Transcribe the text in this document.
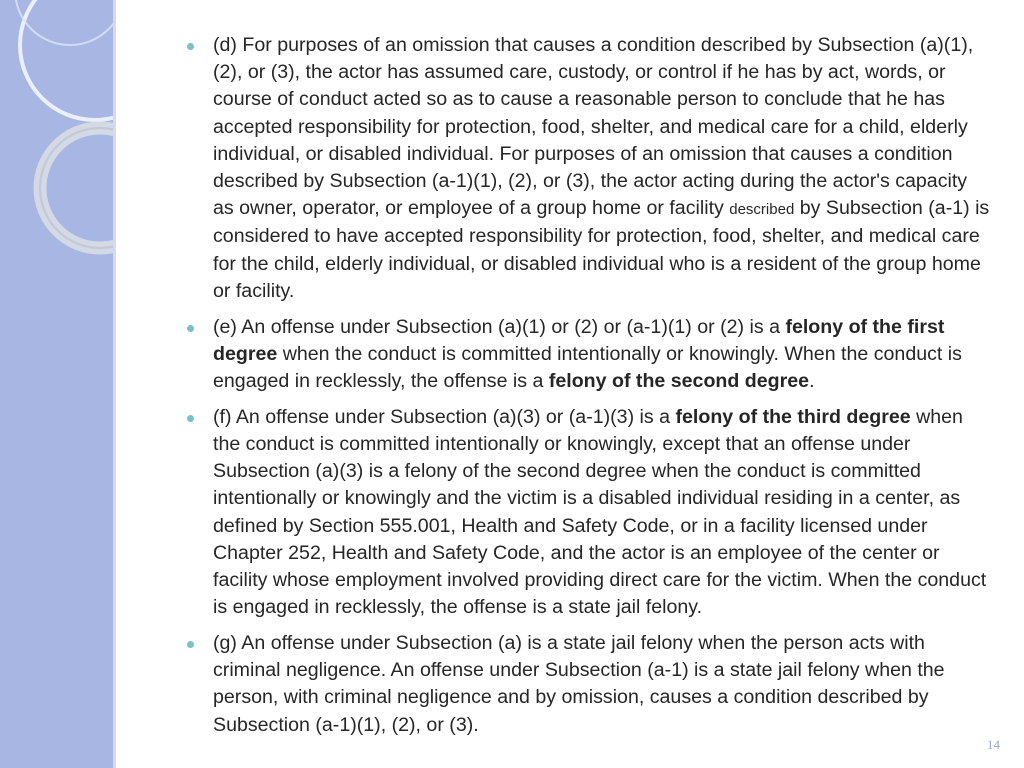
(d) For purposes of an omission that causes a condition described by Subsection (a)(1), (2), or (3), the actor has assumed care, custody, or control if he has by act, words, or course of conduct acted so as to cause a reasonable person to conclude that he has accepted responsibility for protection, food, shelter, and medical care for a child, elderly individual, or disabled individual. For purposes of an omission that causes a condition described by Subsection (a-1)(1), (2), or (3), the actor acting during the actor's capacity as owner, operator, or employee of a group home or facility described by Subsection (a-1) is considered to have accepted responsibility for protection, food, shelter, and medical care for the child, elderly individual, or disabled individual who is a resident of the group home or facility.
(e) An offense under Subsection (a)(1) or (2) or (a-1)(1) or (2) is a felony of the first degree when the conduct is committed intentionally or knowingly. When the conduct is engaged in recklessly, the offense is a felony of the second degree.
(f) An offense under Subsection (a)(3) or (a-1)(3) is a felony of the third degree when the conduct is committed intentionally or knowingly, except that an offense under Subsection (a)(3) is a felony of the second degree when the conduct is committed intentionally or knowingly and the victim is a disabled individual residing in a center, as defined by Section 555.001, Health and Safety Code, or in a facility licensed under Chapter 252, Health and Safety Code, and the actor is an employee of the center or facility whose employment involved providing direct care for the victim. When the conduct is engaged in recklessly, the offense is a state jail felony.
(g) An offense under Subsection (a) is a state jail felony when the person acts with criminal negligence. An offense under Subsection (a-1) is a state jail felony when the person, with criminal negligence and by omission, causes a condition described by Subsection (a-1)(1), (2), or (3).
14
